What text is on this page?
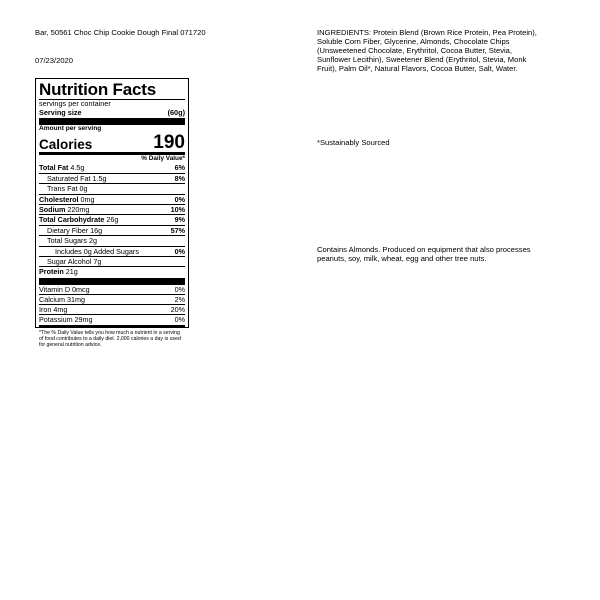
Bar, 50561 Choc Chip Cookie Dough Final 071720
07/23/2020
Nutrition Facts
servings per container
Serving size	(60g)
Amount per serving
Calories	190
% Daily Value*
Total Fat 4.5g	6%
Saturated Fat 1.5g	8%
Trans Fat 0g
Cholesterol 0mg	0%
Sodium 220mg	10%
Total Carbohydrate 26g	9%
Dietary Fiber 16g	57%
Total Sugars 2g
Includes 0g Added Sugars	0%
Sugar Alcohol 7g
Protein 21g
Vitamin D 0mcg	0%
Calcium 31mg	2%
Iron 4mg	20%
Potassium 29mg	0%
*The % Daily Value tells you how much a nutrient in a serving of food contributes to a daily diet. 2,000 calories a day is used for general nutrition advice.
INGREDIENTS: Protein Blend (Brown Rice Protein, Pea Protein), Soluble Corn Fiber, Glycerine, Almonds, Chocolate Chips (Unsweetened Chocolate, Erythritol, Cocoa Butter, Stevia, Sunflower Lecithin), Sweetener Blend (Erythritol, Stevia, Monk Fruit), Palm Oil*, Natural Flavors, Cocoa Butter, Salt, Water.
*Sustainably Sourced
Contains Almonds. Produced on equipment that also processes peanuts, soy, milk, wheat, egg and other tree nuts.
